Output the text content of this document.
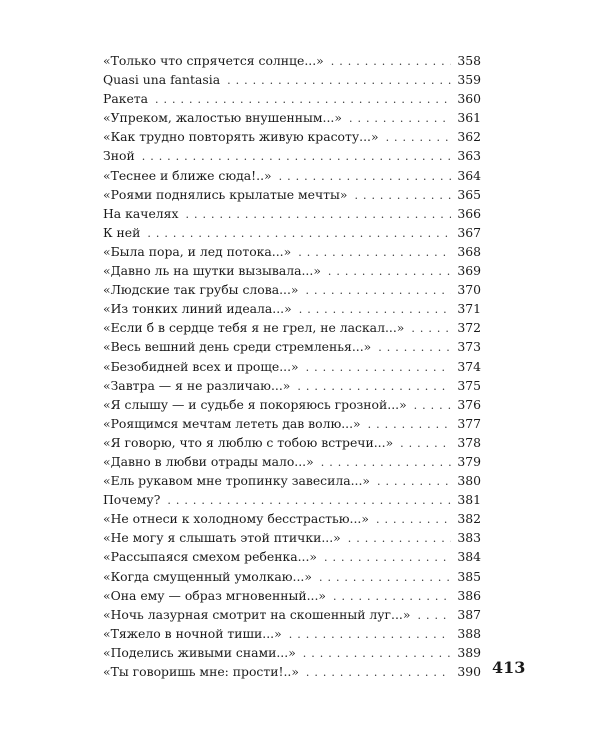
«Только что спрячется солнце...» . . .	358
Quasi una fantasia . . .	359
Ракета . . .	360
«Упреком, жалостью внушенным...» . . .	361
«Как трудно повторять живую красоту...» . . .	362
Зной . . .	363
«Теснее и ближе сюда!..» . . .	364
«Роями поднялись крылатые мечты» . . .	365
На качелях . . .	366
К ней . . .	367
«Была пора, и лед потока...» . . .	368
«Давно ль на шутки вызывала...» . . .	369
«Людские так грубы слова...» . . .	370
«Из тонких линий идеала...» . . .	371
«Если б в сердце тебя я не грел, не ласкал...» . . .	372
«Весь вешний день среди стремленья...» . . .	373
«Безобидней всех и проще...» . . .	374
«Завтра — я не различаю...» . . .	375
«Я слышу — и судьбе я покоряюсь грозной...» . . .	376
«Роящимся мечтам лететь дав волю...» . . .	377
«Я говорю, что я люблю с тобою встречи...» . . .	378
«Давно в любви отрады мало...» . . .	379
«Ель рукавом мне тропинку завесила...» . . .	380
Почему? . . .	381
«Не отнеси к холодному бесстрастью...» . . .	382
«Не могу я слышать этой птички...» . . .	383
«Рассыпаяся смехом ребенка...» . . .	384
«Когда смущенный умолкаю...» . . .	385
«Она ему — образ мгновенный...» . . .	386
«Ночь лазурная смотрит на скошенный луг...» . . .	387
«Тяжело в ночной тиши...» . . .	388
«Поделись живыми снами...» . . .	389
«Ты говоришь мне: прости!..» . . .	390 413
